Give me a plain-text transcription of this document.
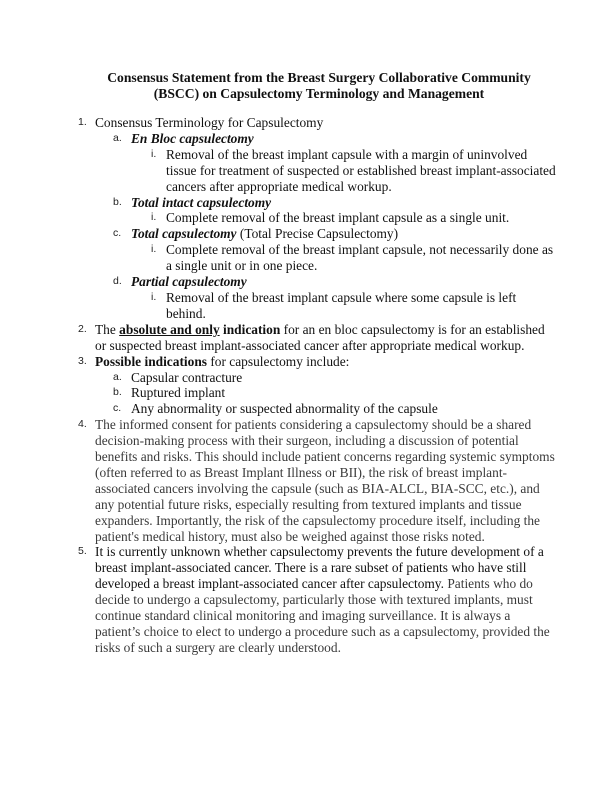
Consensus Statement from the Breast Surgery Collaborative Community
(BSCC) on Capsulectomy Terminology and Management
1. Consensus Terminology for Capsulectomy
a. En Bloc capsulectomy
i. Removal of the breast implant capsule with a margin of uninvolved tissue for treatment of suspected or established breast implant-associated cancers after appropriate medical workup.
b. Total intact capsulectomy
i. Complete removal of the breast implant capsule as a single unit.
c. Total capsulectomy (Total Precise Capsulectomy)
i. Complete removal of the breast implant capsule, not necessarily done as a single unit or in one piece.
d. Partial capsulectomy
i. Removal of the breast implant capsule where some capsule is left behind.
2. The absolute and only indication for an en bloc capsulectomy is for an established or suspected breast implant-associated cancer after appropriate medical workup.
3. Possible indications for capsulectomy include:
a. Capsular contracture
b. Ruptured implant
c. Any abnormality or suspected abnormality of the capsule
4. The informed consent for patients considering a capsulectomy should be a shared decision-making process with their surgeon, including a discussion of potential benefits and risks. This should include patient concerns regarding systemic symptoms (often referred to as Breast Implant Illness or BII), the risk of breast implant-associated cancers involving the capsule (such as BIA-ALCL, BIA-SCC, etc.), and any potential future risks, especially resulting from textured implants and tissue expanders. Importantly, the risk of the capsulectomy procedure itself, including the patient's medical history, must also be weighed against those risks noted.
5. It is currently unknown whether capsulectomy prevents the future development of a breast implant-associated cancer. There is a rare subset of patients who have still developed a breast implant-associated cancer after capsulectomy. Patients who do decide to undergo a capsulectomy, particularly those with textured implants, must continue standard clinical monitoring and imaging surveillance. It is always a patient’s choice to elect to undergo a procedure such as a capsulectomy, provided the risks of such a surgery are clearly understood.
